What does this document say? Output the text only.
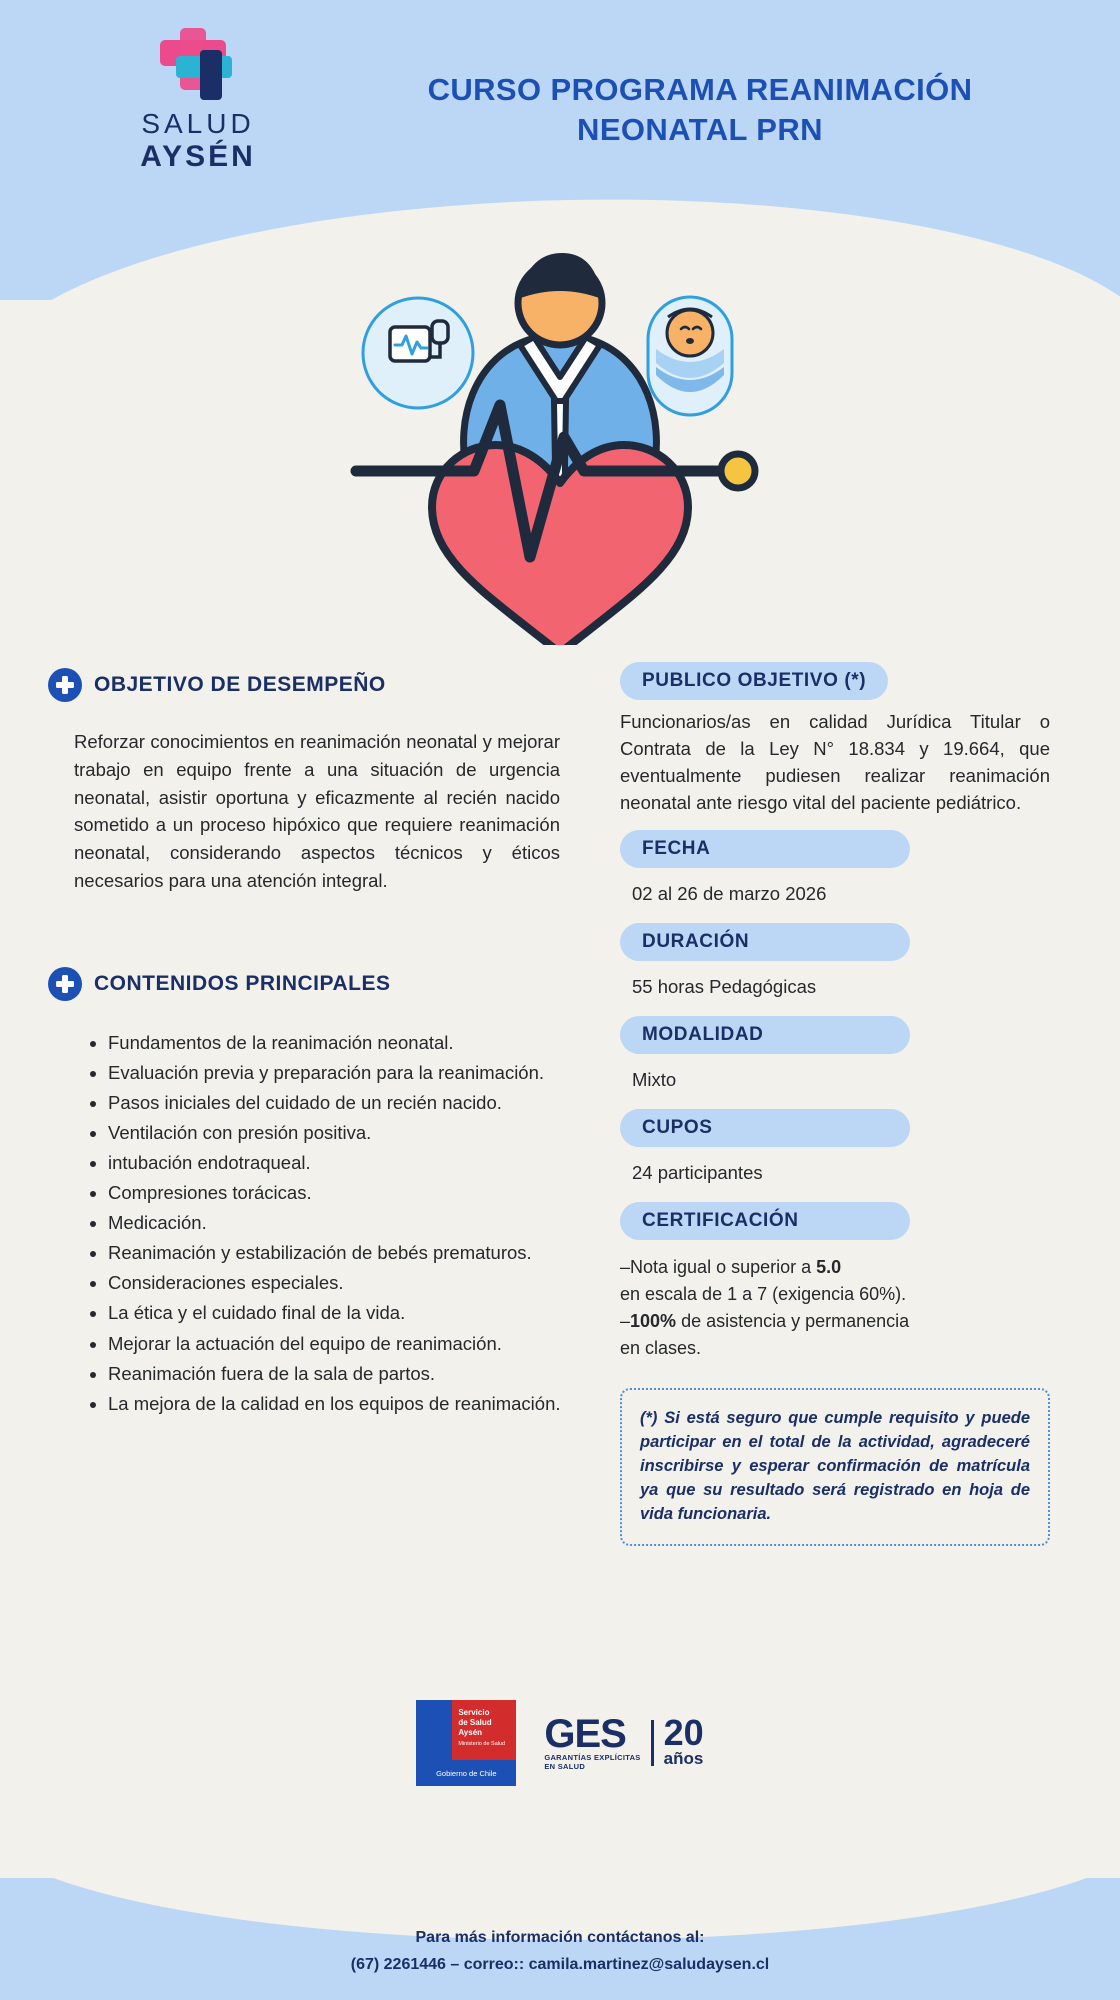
SALUD
AYSÉN
CURSO PROGRAMA REANIMACIÓN NEONATAL PRN
OBJETIVO DE DESEMPEÑO
Reforzar conocimientos en reanimación neonatal y mejorar trabajo en equipo frente a una situación de urgencia neonatal, asistir oportuna y eficazmente al recién nacido sometido a un proceso hipóxico que requiere reanimación neonatal, considerando aspectos técnicos y éticos necesarios para una atención integral.
CONTENIDOS PRINCIPALES
• Fundamentos de la reanimación neonatal.
• Evaluación previa y preparación para la reanimación.
• Pasos iniciales del cuidado de un recién nacido.
• Ventilación con presión positiva.
• intubación endotraqueal.
• Compresiones torácicas.
• Medicación.
• Reanimación y estabilización de bebés prematuros.
• Consideraciones especiales.
• La ética y el cuidado final de la vida.
• Mejorar la actuación del equipo de reanimación.
• Reanimación fuera de la sala de partos.
• La mejora de la calidad en los equipos de reanimación.
PUBLICO OBJETIVO (*)
Funcionarios/as en calidad Jurídica Titular o Contrata de la Ley N° 18.834 y 19.664, que eventualmente pudiesen realizar reanimación neonatal ante riesgo vital del paciente pediátrico.
FECHA
02 al 26 de marzo 2026
DURACIÓN
55 horas Pedagógicas
MODALIDAD
Mixto
CUPOS
24 participantes
CERTIFICACIÓN
–Nota igual o superior a 5.0
en escala de 1 a 7 (exigencia 60%).
–100% de asistencia y permanencia
en clases.
(*) Si está seguro que cumple requisito y puede participar en el total de la actividad, agradeceré inscribirse y esperar confirmación de matrícula ya que su resultado será registrado en hoja de vida funcionaria.
Servicio
de Salud
Aysén
Ministerio de Salud
Gobierno de Chile
GES
GARANTÍAS EXPLÍCITAS
EN SALUD
20
años
Para más información contáctanos al:
(67) 2261446 – correo:: camila.martinez@saludaysen.cl
